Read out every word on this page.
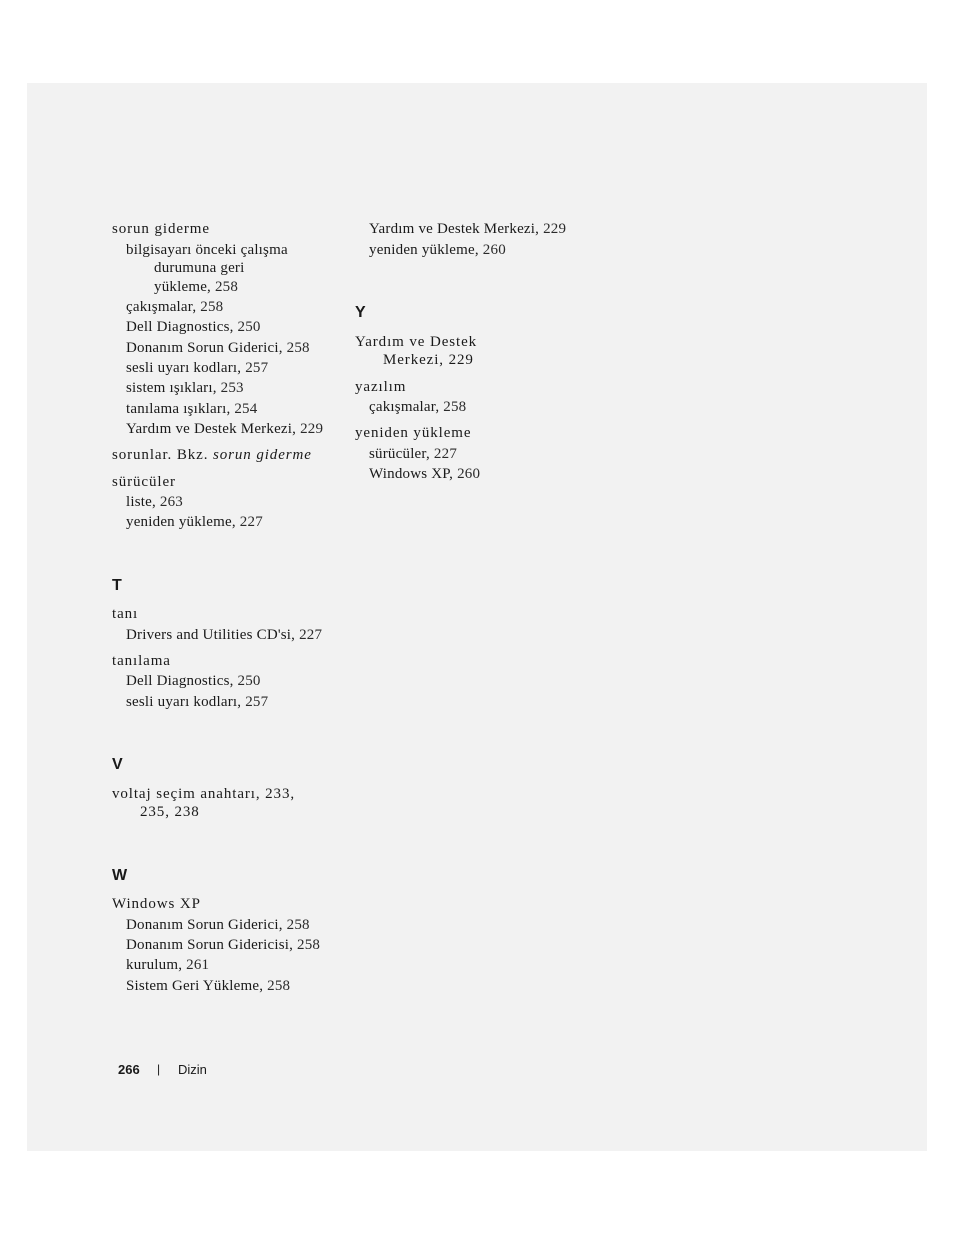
sorun giderme
bilgisayarı önceki çalışma
durumuna geri
yükleme, 258
çakışmalar, 258
Dell Diagnostics, 250
Donanım Sorun Giderici, 258
sesli uyarı kodları, 257
sistem ışıkları, 253
tanılama ışıkları, 254
Yardım ve Destek Merkezi, 229
sorunlar. Bkz. sorun giderme
sürücüler
liste, 263
yeniden yükleme, 227
T
tanı
Drivers and Utilities CD'si, 227
tanılama
Dell Diagnostics, 250
sesli uyarı kodları, 257
V
voltaj seçim anahtarı, 233,
235, 238
W
Windows XP
Donanım Sorun Giderici, 258
Donanım Sorun Gidericisi, 258
kurulum, 261
Sistem Geri Yükleme, 258
Yardım ve Destek Merkezi, 229
yeniden yükleme, 260
Y
Yardım ve Destek
Merkezi, 229
yazılım
çakışmalar, 258
yeniden yükleme
sürücüler, 227
Windows XP, 260
266 | Dizin
